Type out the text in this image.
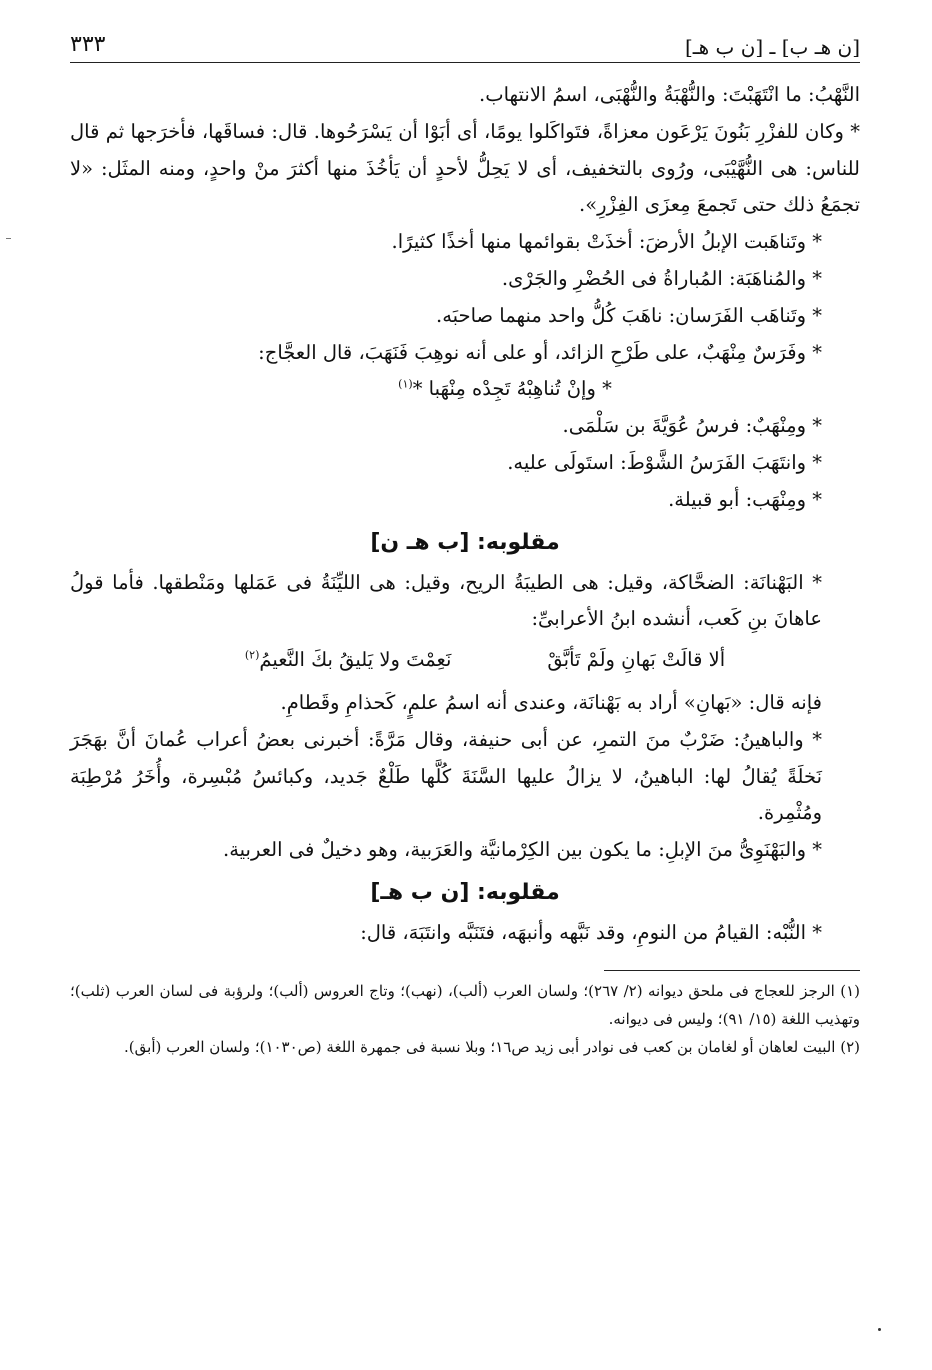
[ن هـ ب] ـ [ن ب هـ]
٣٣٣

النَّهْبُ: ما انْتَهَبْتَ: والنُّهْبَةُ والنُّهْبَى، اسمُ الانتهاب.

* وكان للفزْرِ بَنُونَ يَرْعَون معزاةً، فتَواكَلوا يومًا، أى أبَوْا أن يَسْرَحُوها. قال: فساقَها، فأخرَجها ثم قال للناس: هى النُّهَّيْبَى، ورُوى بالتخفيف، أى لا يَحِلُّ لأحدٍ أن يَأخُذَ منها أكثرَ منْ واحدٍ، ومنه المثَل: «لا تجمَعُ ذلك حتى تَجمعَ مِعزَى الفِزْرِ».

* وتَناهَبت الإبلُ الأرضَ: أخذَتْ بقوائمها منها أخذًا كثيرًا.

* والمُناهَبَة: المُباراةُ فى الحُضْرِ والجَرْى.

* وتَناهَب الفَرَسان: ناهَبَ كُلُّ واحد منهما صاحبَه.

* وفَرَسٌ مِنْهَبٌ، على طَرْحِ الزائد، أو على أنه نوهِبَ فَنَهَبَ، قال العجَّاج:

* وإنْ تُناهِبْهُ تَجِدْه مِنْهَبا *$^{(١)}$

* ومِنْهَبٌ: فرسُ عُوَيَّةَ بن سَلْمَى.

* وانتَهَبَ الفَرَسُ الشَّوْطَ: استَولَى عليه.

* ومِنْهَب: أبو قبيلة.

مقلوبه: [ب هـ ن]

* البَهْنانَة: الضحَّاكة، وقيل: هى الطيبَةُ الريح، وقيل: هى الليِّنَةُ فى عَمَلها ومَنْطقها. فأما قولُ عاهانَ بنِ كَعب، أنشده ابنُ الأعرابىِّ:

ألا قالَتْ بَهانِ ولَمْ تَأبَّقْ
نَعِمْتَ ولا يَليقُ بكَ النَّعيمُ$^{(٢)}$

فإنه قال: «بَهانِ» أراد به بَهْنانَة، وعندى أنه اسمُ علمٍ، كَحذامِ وقَطامِ.

* والباهينُ: ضَرْبٌ منَ التمرِ، عن أبى حنيفة، وقال مَرَّةً: أخبرنى بعضُ أعراب عُمانَ أنَّ بهَجَرَ نَخلَةً يُقالُ لها: الباهينُ، لا يزالُ عليها السَّنَةَ كُلَّها طَلْعٌ جَديد، وكبائسُ مُبْسِرة، وأُخَرُ مُرْطِبَة ومُثْمِرة.

* والبَهْنَوِىُّ منَ الإبلِ: ما يكون بين الكِرْمانيَّة والعَرَبية، وهو دخيلٌ فى العربية.

مقلوبه: [ن ب هـ]

* النُّبْه: القيامُ من النومِ، وقد نَبَّهه وأنبهَه، فتَنَبَّه وانتَبَهَ، قال:

(١) الرجز للعجاج فى ملحق ديوانه (٢/ ٢٦٧)؛ ولسان العرب (ألب)، (نهب)؛ وتاج العروس (ألب)؛ ولرؤبة فى لسان العرب (ثلب)؛ وتهذيب اللغة (١٥/ ٩١)؛ وليس فى ديوانه.

(٢) البيت لعاهان أو لغامان بن كعب فى نوادر أبى زيد ص١٦؛ وبلا نسبة فى جمهرة اللغة (ص١٠٣٠)؛ ولسان العرب (أبق).
